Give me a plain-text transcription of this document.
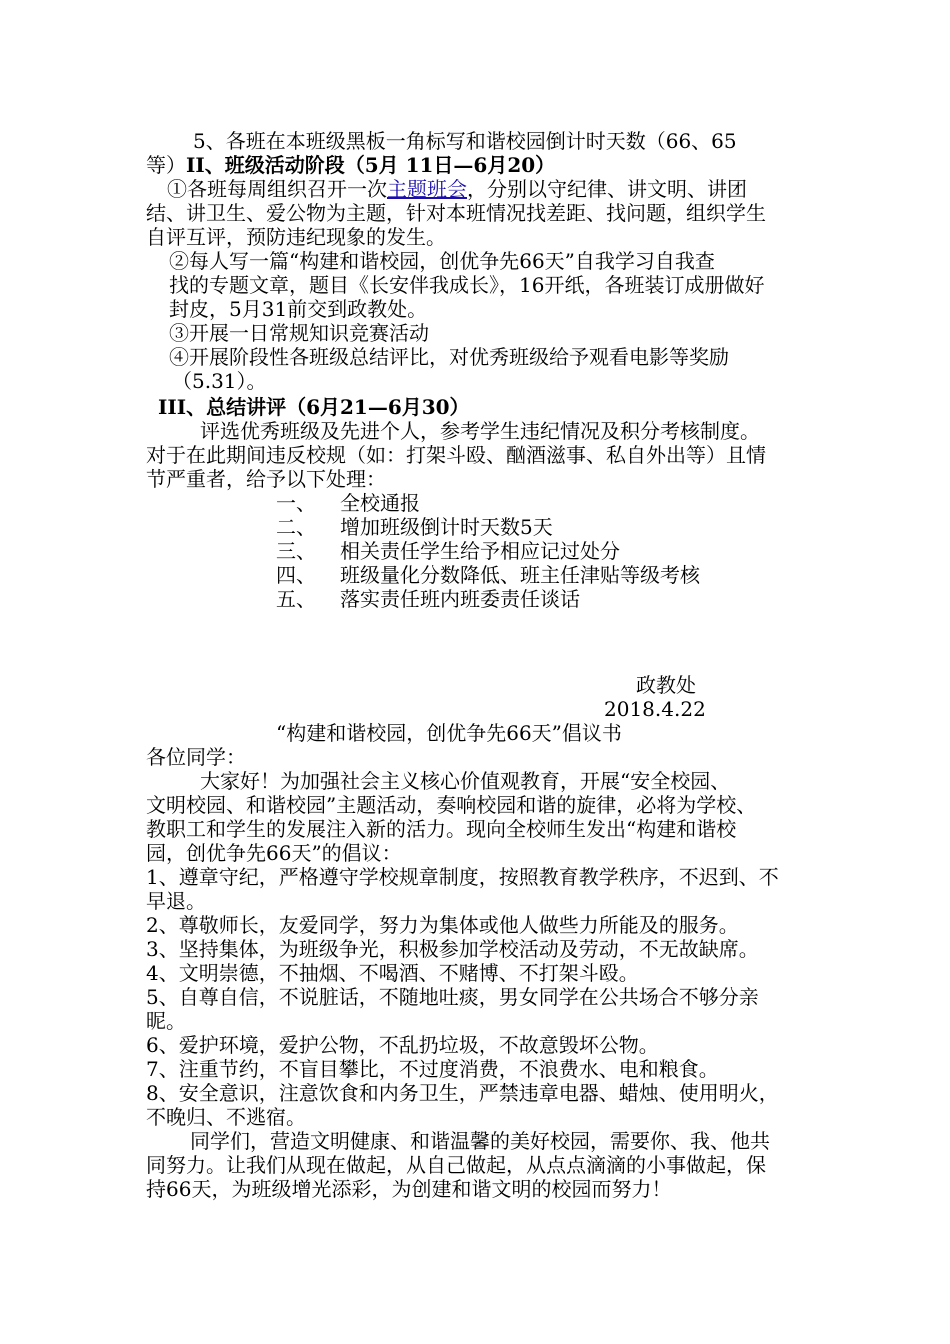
5、各班在本班级黑板一角标写和谐校园倒计时天数（66、65
等）II、班级活动阶段（5月 11日—6月20）
①各班每周组织召开一次主题班会，分别以守纪律、讲文明、讲团
结、讲卫生、爱公物为主题，针对本班情况找差距、找问题，组织学生
自评互评，预防违纪现象的发生。
②每人写一篇“构建和谐校园，创优争先66天”自我学习自我查
找的专题文章，题目《长安伴我成长》，16开纸，各班装订成册做好
封皮，5月31前交到政教处。
③开展一日常规知识竞赛活动
④开展阶段性各班级总结评比，对优秀班级给予观看电影等奖励
（5.31）。
III、总结讲评（6月21—6月30）
评选优秀班级及先进个人，参考学生违纪情况及积分考核制度。
对于在此期间违反校规（如：打架斗殴、酗酒滋事、私自外出等）且情
节严重者，给予以下处理：
一、 全校通报
二、 增加班级倒计时天数5天
三、 相关责任学生给予相应记过处分
四、 班级量化分数降低、班主任津贴等级考核
五、 落实责任班内班委责任谈话
政教处
2018.4.22
“构建和谐校园，创优争先66天”倡议书
各位同学：
大家好！为加强社会主义核心价值观教育，开展“安全校园、
文明校园、和谐校园”主题活动，奏响校园和谐的旋律，必将为学校、
教职工和学生的发展注入新的活力。现向全校师生发出“构建和谐校
园，创优争先66天”的倡议：
1、遵章守纪，严格遵守学校规章制度，按照教育教学秩序，不迟到、不
早退。
2、尊敬师长，友爱同学，努力为集体或他人做些力所能及的服务。
3、坚持集体，为班级争光，积极参加学校活动及劳动，不无故缺席。
4、文明崇德，不抽烟、不喝酒、不赌博、不打架斗殴。
5、自尊自信，不说脏话，不随地吐痰，男女同学在公共场合不够分亲
昵。
6、爱护环境，爱护公物，不乱扔垃圾，不故意毁坏公物。
7、注重节约，不盲目攀比，不过度消费，不浪费水、电和粮食。
8、安全意识，注意饮食和内务卫生，严禁违章电器、蜡烛、使用明火，
不晚归、不逃宿。
同学们，营造文明健康、和谐温馨的美好校园，需要你、我、他共
同努力。让我们从现在做起，从自己做起，从点点滴滴的小事做起，保
持66天，为班级增光添彩，为创建和谐文明的校园而努力！
